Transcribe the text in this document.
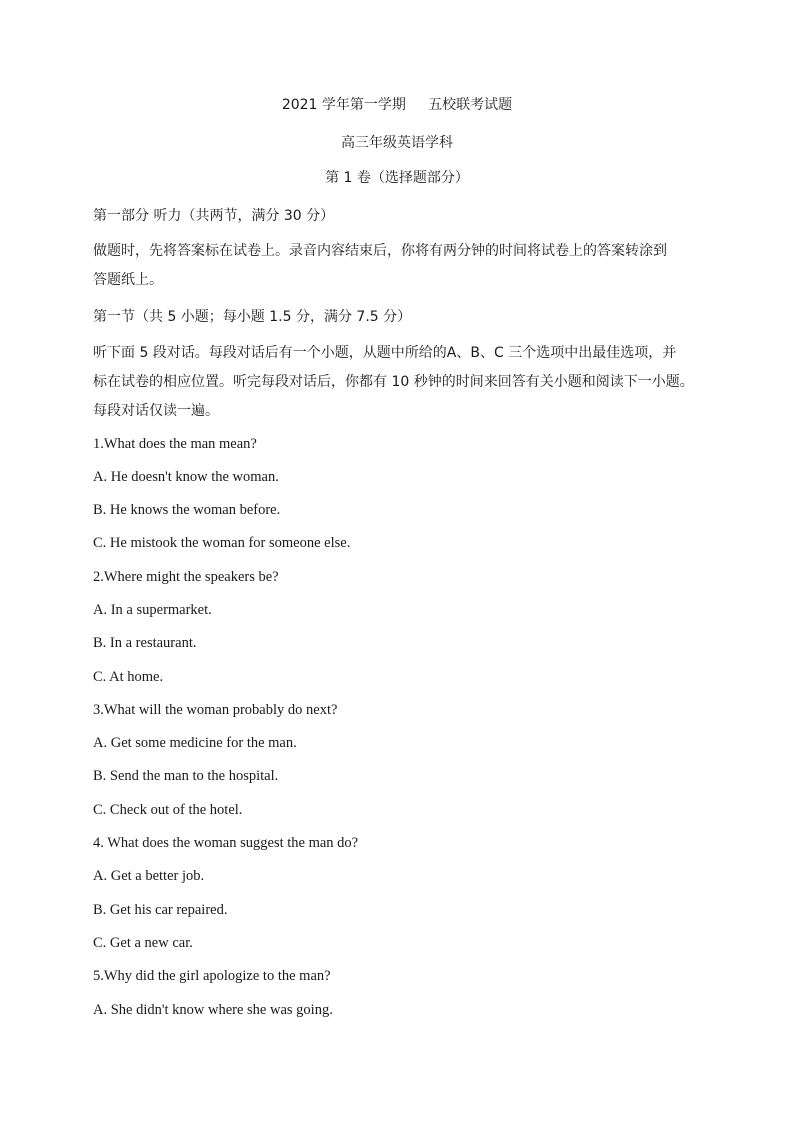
2021 学年第一学期     五校联考试题
高三年级英语学科
第 1 卷（选择题部分）
第一部分 听力（共两节，满分 30 分）
做题时，先将答案标在试卷上。录音内容结束后，你将有两分钟的时间将试卷上的答案转涂到
答题纸上。
第一节（共 5 小题；每小题 1.5 分，满分 7.5 分）
听下面 5 段对话。每段对话后有一个小题，从题中所给的A、B、C 三个选项中出最佳选项，并
标在试卷的相应位置。听完每段对话后，你都有 10 秒钟的时间来回答有关小题和阅读下一小题。
每段对话仅读一遍。
1.What does the man mean?
A. He doesn't know the woman.
B. He knows the woman before.
C. He mistook the woman for someone else.
2.Where might the speakers be?
A. In a supermarket.
B. In a restaurant.
C. At home.
3.What will the woman probably do next?
A. Get some medicine for the man.
B. Send the man to the hospital.
C. Check out of the hotel.
4. What does the woman suggest the man do?
A. Get a better job.
B. Get his car repaired.
C. Get a new car.
5.Why did the girl apologize to the man?
A. She didn't know where she was going.
